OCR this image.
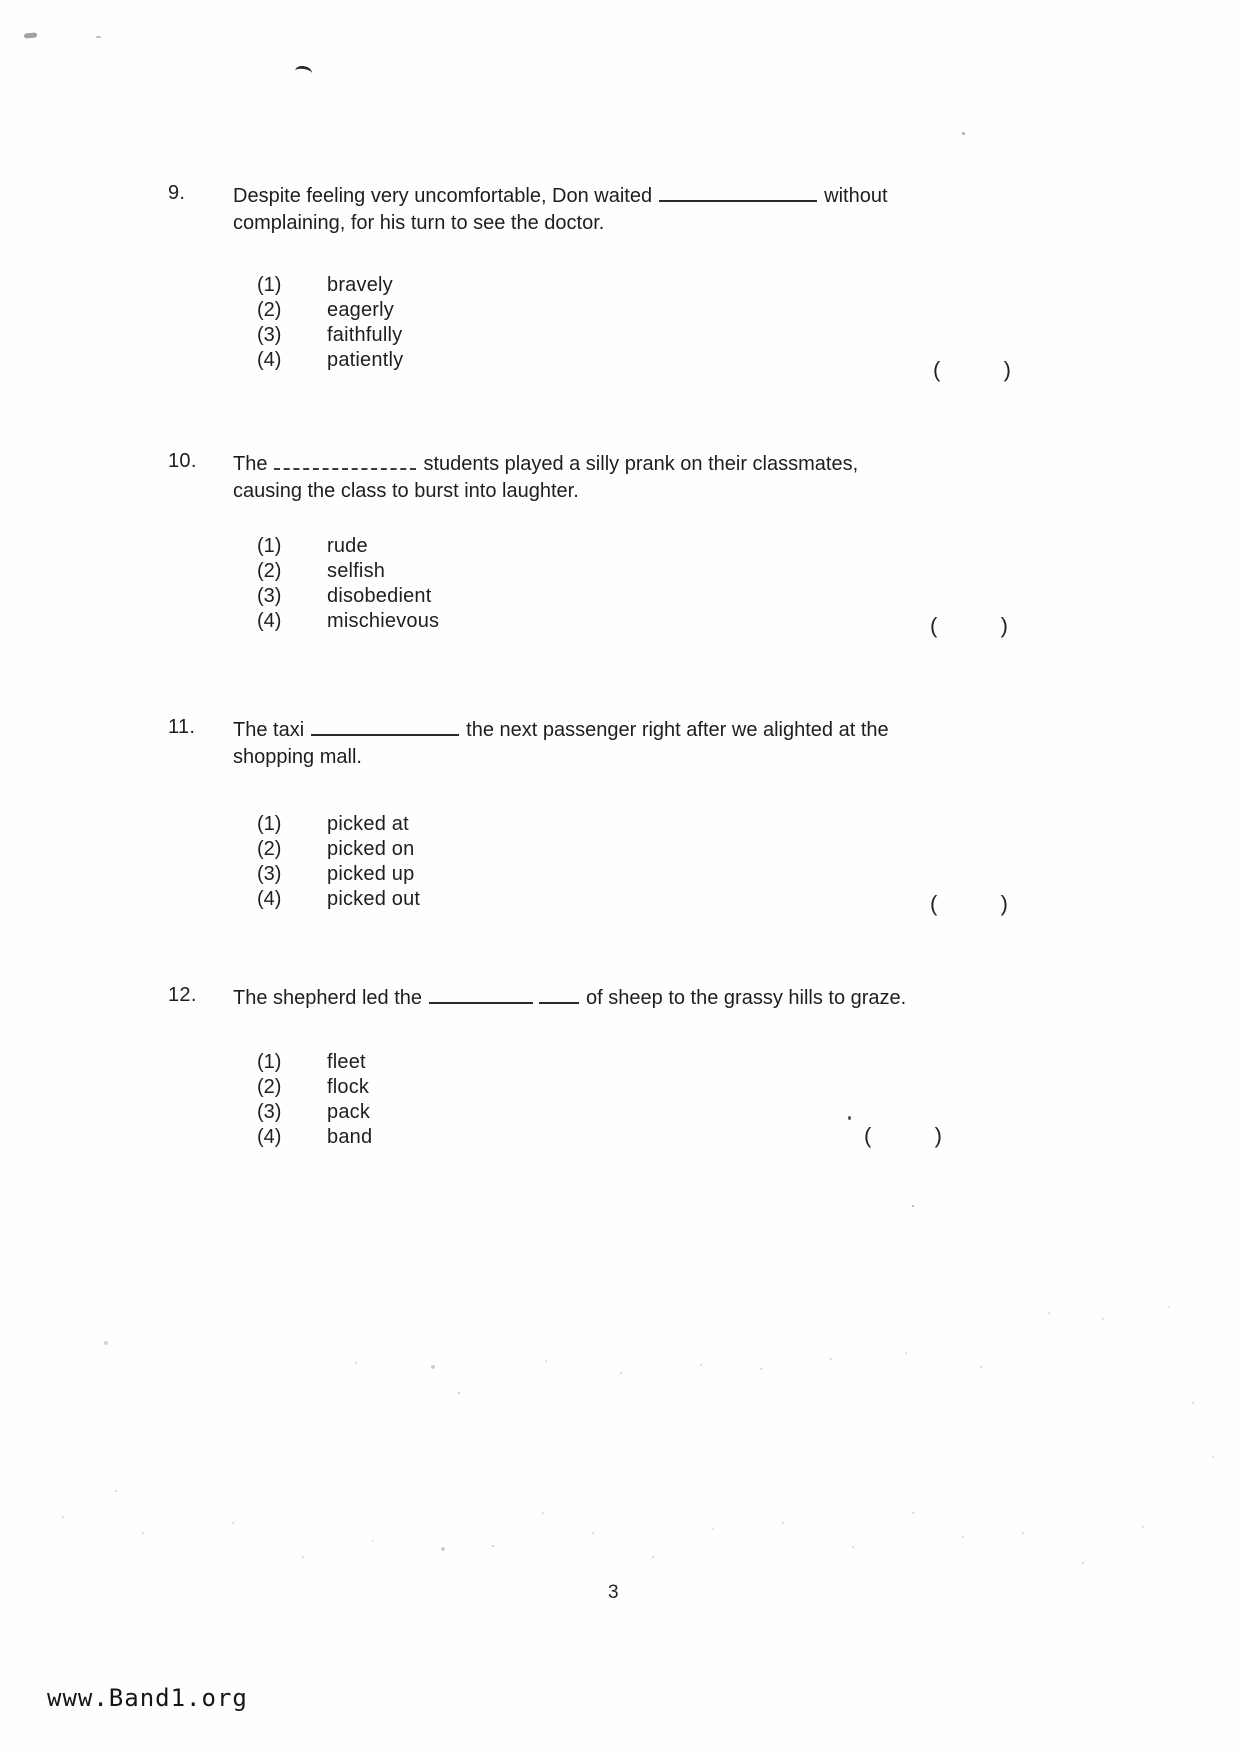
9.	Despite feeling very uncomfortable, Don waited	without
complaining, for his turn to see the doctor.
(1)	bravely
(2)	eagerly
(3)	faithfully
(4)	patiently	(	)
10.	The	students played a silly prank on their classmates,
causing the class to burst into laughter.
(1)	rude
(2)	selfish
(3)	disobedient
(4)	mischievous	(	)
11.	The taxi	the next passenger right after we alighted at the
shopping mall.
(1)	picked at
(2)	picked on
(3)	picked up
(4)	picked out	(	)
12.	The shepherd led the	of sheep to the grassy hills to graze.
(1)	fleet
(2)	flock
(3)	pack
(4)	band	(	)
3
www.Band1.org
